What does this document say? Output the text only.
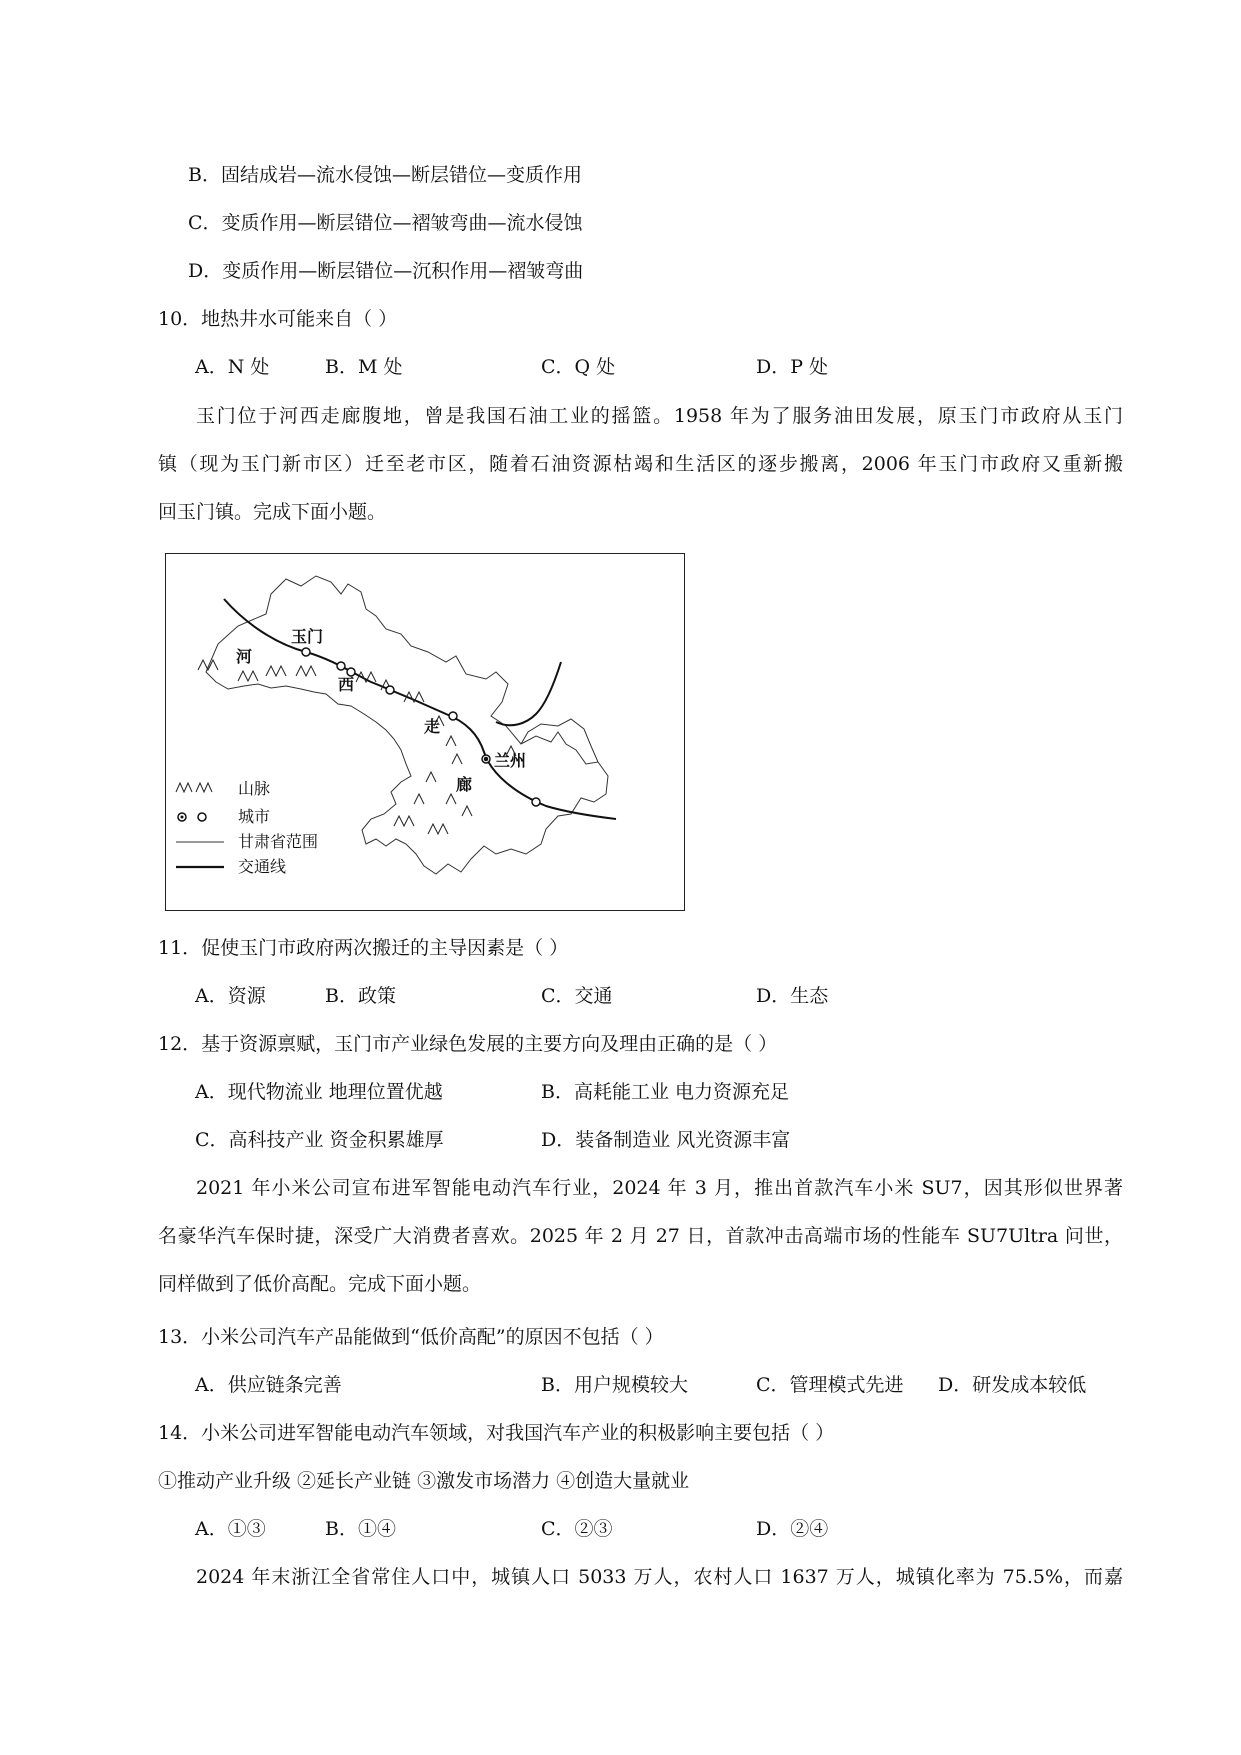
B．固结成岩—流水侵蚀—断层错位—变质作用
C．变质作用—断层错位—褶皱弯曲—流水侵蚀
D．变质作用—断层错位—沉积作用—褶皱弯曲
10．地热井水可能来自（ ）
A．N 处	B．M 处	C．Q 处	D．P 处
玉门位于河西走廊腹地，曾是我国石油工业的摇篮。1958 年为了服务油田发展，原玉门市政府从玉门
镇（现为玉门新市区）迁至老市区，随着石油资源枯竭和生活区的逐步搬离，2006 年玉门市政府又重新搬
回玉门镇。完成下面小题。
玉门
河
西
走
廊
兰州
山脉
城市
甘肃省范围
交通线
11．促使玉门市政府两次搬迁的主导因素是（ ）
A．资源	B．政策	C．交通	D．生态
12．基于资源禀赋，玉门市产业绿色发展的主要方向及理由正确的是（ ）
A．现代物流业 地理位置优越	B．高耗能工业 电力资源充足
C．高科技产业 资金积累雄厚	D．装备制造业 风光资源丰富
2021 年小米公司宣布进军智能电动汽车行业，2024 年 3 月，推出首款汽车小米 SU7，因其形似世界著
名豪华汽车保时捷，深受广大消费者喜欢。2025 年 2 月 27 日，首款冲击高端市场的性能车 SU7Ultra 问世，
同样做到了低价高配。完成下面小题。
13．小米公司汽车产品能做到“低价高配”的原因不包括（ ）
A．供应链条完善	B．用户规模较大	C．管理模式先进 D．研发成本较低
14．小米公司进军智能电动汽车领域，对我国汽车产业的积极影响主要包括（ ）
①推动产业升级 ②延长产业链 ③激发市场潜力 ④创造大量就业
A．①③	B．①④	C．②③	D．②④
2024 年末浙江全省常住人口中，城镇人口 5033 万人，农村人口 1637 万人，城镇化率为 75.5%，而嘉
